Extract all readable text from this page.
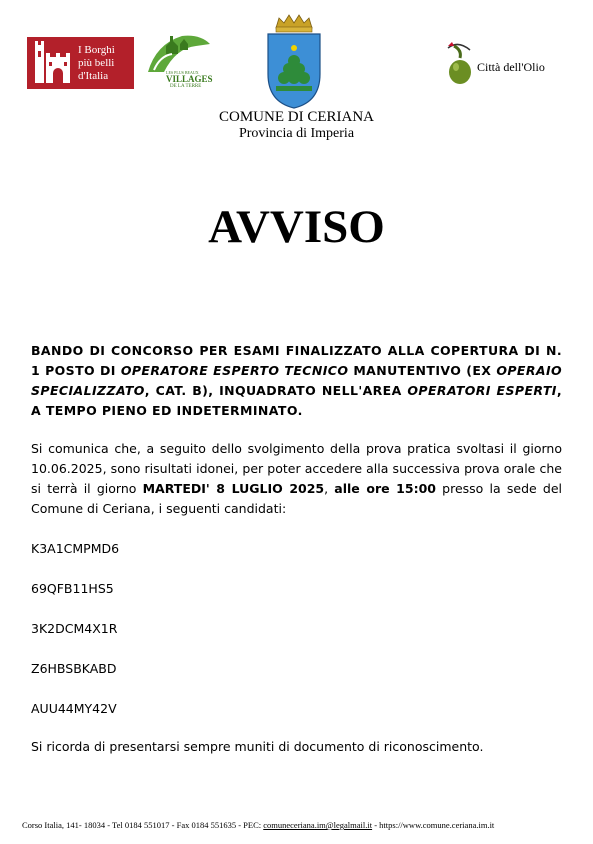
I Borghi
più belli
d'Italia	LES PLUS BEAUX
VILLAGES
DE LA TERRE
Città dell'Olio
COMUNE DI CERIANA
Provincia di Imperia
AVVISO
BANDO DI CONCORSO PER ESAMI FINALIZZATO ALLA COPERTURA DI N. 1 POSTO DI OPERATORE ESPERTO TECNICO MANUTENTIVO (EX OPERAIO SPECIALIZZATO, CAT. B), INQUADRATO NELL'AREA OPERATORI ESPERTI, A TEMPO PIENO ED INDETERMINATO.
Si comunica che, a seguito dello svolgimento della prova pratica svoltasi il giorno 10.06.2025, sono risultati idonei, per poter accedere alla successiva prova orale che si terrà il giorno MARTEDI' 8 LUGLIO 2025, alle ore 15:00 presso la sede del Comune di Ceriana, i seguenti candidati:
K3A1CMPMD6
69QFB11HS5
3K2DCM4X1R
Z6HBSBKABD
AUU44MY42V
Si ricorda di presentarsi sempre muniti di documento di riconoscimento.
Corso Italia, 141- 18034 - Tel 0184 551017 - Fax 0184 551635 - PEC: comuneceriana.im@legalmail.it - https://www.comune.ceriana.im.it
